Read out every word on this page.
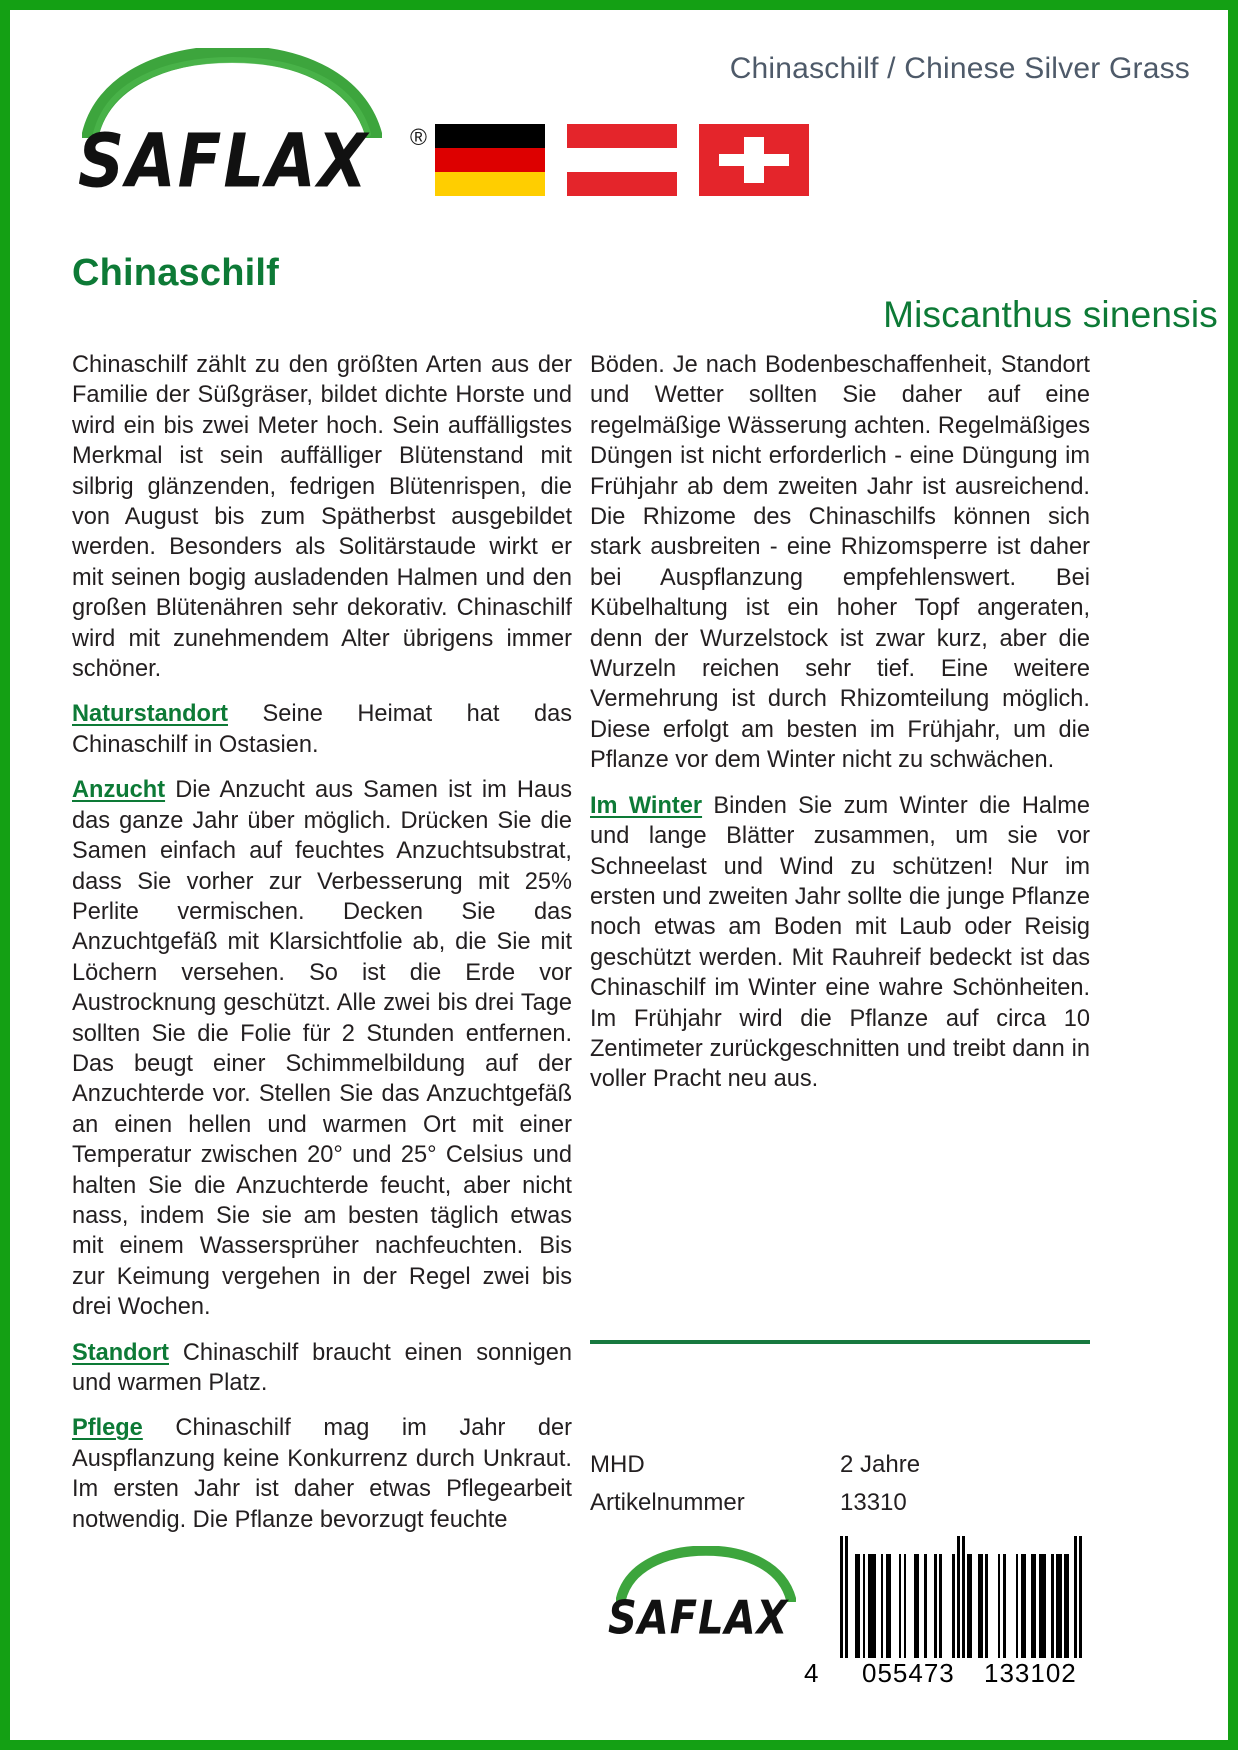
Chinaschilf / Chinese Silver Grass
SAFLAX ®
Chinaschilf
Miscanthus sinensis

Chinaschilf zählt zu den größten Arten aus der Familie der Süßgräser, bildet dichte Horste und wird ein bis zwei Meter hoch. Sein auffälligstes Merkmal ist sein auffälliger Blütenstand mit silbrig glänzenden, fedrigen Blütenrispen, die von August bis zum Spätherbst ausgebildet werden. Besonders als Solitärstaude wirkt er mit seinen bogig ausladenden Halmen und den großen Blütenähren sehr dekorativ. Chinaschilf wird mit zunehmendem Alter übrigens immer schöner.

Naturstandort Seine Heimat hat das Chinaschilf in Ostasien.

Anzucht Die Anzucht aus Samen ist im Haus das ganze Jahr über möglich. Drücken Sie die Samen einfach auf feuchtes Anzuchtsubstrat, dass Sie vorher zur Verbesserung mit 25% Perlite vermischen. Decken Sie das Anzuchtgefäß mit Klarsichtfolie ab, die Sie mit Löchern versehen. So ist die Erde vor Austrocknung geschützt. Alle zwei bis drei Tage sollten Sie die Folie für 2 Stunden entfernen. Das beugt einer Schimmelbildung auf der Anzuchterde vor. Stellen Sie das Anzuchtgefäß an einen hellen und warmen Ort mit einer Temperatur zwischen 20° und 25° Celsius und halten Sie die Anzuchterde feucht, aber nicht nass, indem Sie sie am besten täglich etwas mit einem Wassersprüher nachfeuchten. Bis zur Keimung vergehen in der Regel zwei bis drei Wochen.

Standort Chinaschilf braucht einen sonnigen und warmen Platz.

Pflege Chinaschilf mag im Jahr der Auspflanzung keine Konkurrenz durch Unkraut. Im ersten Jahr ist daher etwas Pflegearbeit notwendig. Die Pflanze bevorzugt feuchte

Böden. Je nach Bodenbeschaffenheit, Standort und Wetter sollten Sie daher auf eine regelmäßige Wässerung achten. Regelmäßiges Düngen ist nicht erforderlich - eine Düngung im Frühjahr ab dem zweiten Jahr ist ausreichend. Die Rhizome des Chinaschilfs können sich stark ausbreiten - eine Rhizomsperre ist daher bei Auspflanzung empfehlenswert. Bei Kübelhaltung ist ein hoher Topf angeraten, denn der Wurzelstock ist zwar kurz, aber die Wurzeln reichen sehr tief. Eine weitere Vermehrung ist durch Rhizomteilung möglich. Diese erfolgt am besten im Frühjahr, um die Pflanze vor dem Winter nicht zu schwächen.

Im Winter Binden Sie zum Winter die Halme und lange Blätter zusammen, um sie vor Schneelast und Wind zu schützen! Nur im ersten und zweiten Jahr sollte die junge Pflanze noch etwas am Boden mit Laub oder Reisig geschützt werden. Mit Rauhreif bedeckt ist das Chinaschilf im Winter eine wahre Schönheiten. Im Frühjahr wird die Pflanze auf circa 10 Zentimeter zurückgeschnitten und treibt dann in voller Pracht neu aus.

MHD	2 Jahre
Artikelnummer	13310
SAFLAX
4 055473 133102
